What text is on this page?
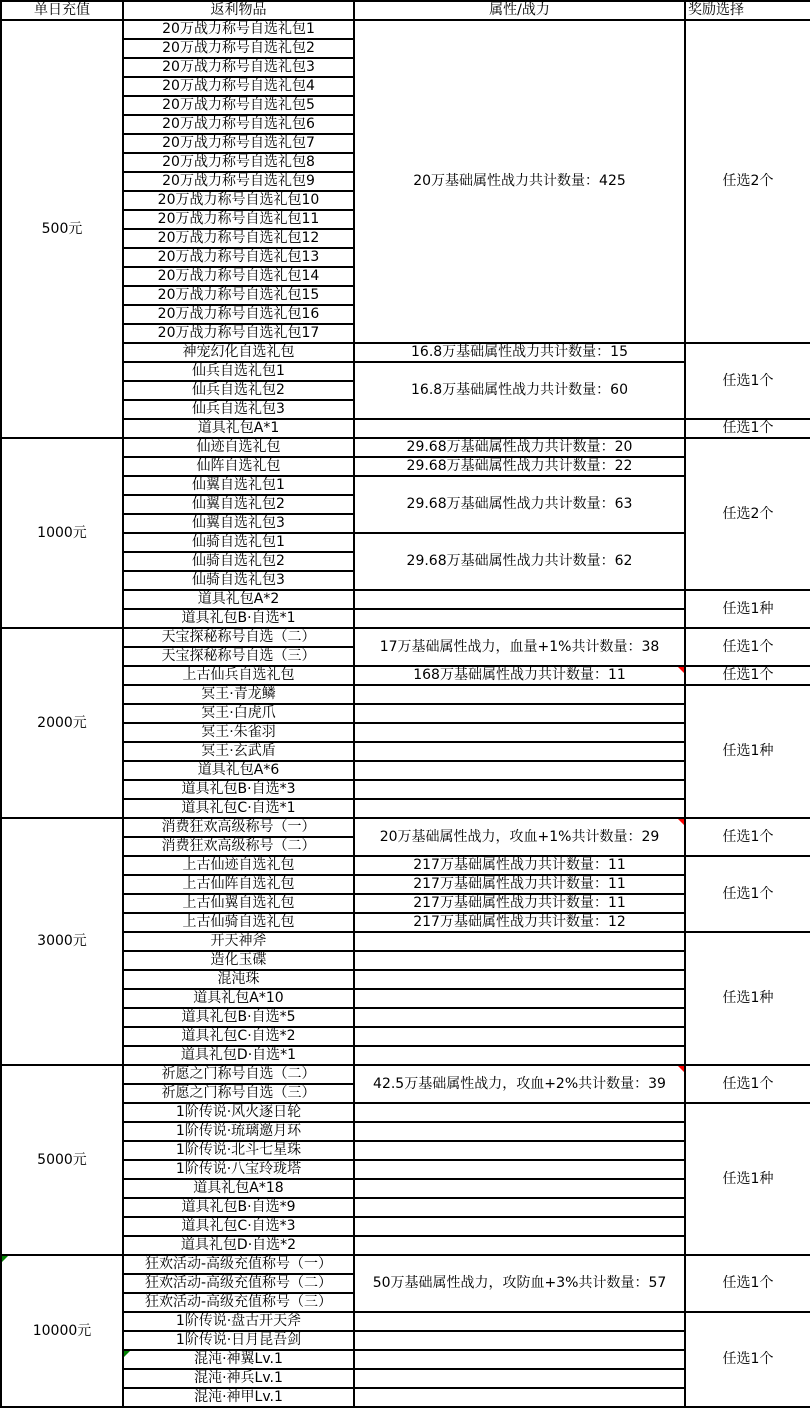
单日充值	返利物品	属性/战力	奖励选择
500元	20万战力称号自选礼包1	20万基础属性战力共计数量：425	任选2个
	20万战力称号自选礼包2		
	20万战力称号自选礼包3		
	20万战力称号自选礼包4		
	20万战力称号自选礼包5		
	20万战力称号自选礼包6		
	20万战力称号自选礼包7		
	20万战力称号自选礼包8		
	20万战力称号自选礼包9		
	20万战力称号自选礼包10		
	20万战力称号自选礼包11		
	20万战力称号自选礼包12		
	20万战力称号自选礼包13		
	20万战力称号自选礼包14		
	20万战力称号自选礼包15		
	20万战力称号自选礼包16		
	20万战力称号自选礼包17		
	神宠幻化自选礼包	16.8万基础属性战力共计数量：15	任选1个
	仙兵自选礼包1	16.8万基础属性战力共计数量：60	
	仙兵自选礼包2		
	仙兵自选礼包3		
	道具礼包A*1		任选1个
1000元	仙迹自选礼包	29.68万基础属性战力共计数量：20	任选2个
	仙阵自选礼包	29.68万基础属性战力共计数量：22	
	仙翼自选礼包1	29.68万基础属性战力共计数量：63	
	仙翼自选礼包2		
	仙翼自选礼包3		
	仙骑自选礼包1	29.68万基础属性战力共计数量：62	
	仙骑自选礼包2		
	仙骑自选礼包3		
	道具礼包A*2		任选1种
	道具礼包B·自选*1		
2000元	天宝探秘称号自选（二）	17万基础属性战力，血量+1%共计数量：38	任选1个
	天宝探秘称号自选（三）		
	上古仙兵自选礼包	168万基础属性战力共计数量：11	任选1个
	冥王·青龙鳞		任选1种
	冥王·白虎爪		
	冥王·朱雀羽		
	冥王·玄武盾		
	道具礼包A*6		
	道具礼包B·自选*3		
	道具礼包C·自选*1		
3000元	消费狂欢高级称号（一）	20万基础属性战力，攻血+1%共计数量：29	任选1个
	消费狂欢高级称号（二）		
	上古仙迹自选礼包	217万基础属性战力共计数量：11	任选1个
	上古仙阵自选礼包	217万基础属性战力共计数量：11	
	上古仙翼自选礼包	217万基础属性战力共计数量：11	
	上古仙骑自选礼包	217万基础属性战力共计数量：12	
	开天神斧		任选1种
	造化玉碟		
	混沌珠		
	道具礼包A*10		
	道具礼包B·自选*5		
	道具礼包C·自选*2		
	道具礼包D·自选*1		
5000元	祈愿之门称号自选（二）	42.5万基础属性战力，攻血+2%共计数量：39	任选1个
	祈愿之门称号自选（三）		
	1阶传说·风火逐日轮		任选1种
	1阶传说·琉璃邀月环		
	1阶传说·北斗七星珠		
	1阶传说·八宝玲珑塔		
	道具礼包A*18		
	道具礼包B·自选*9		
	道具礼包C·自选*3		
	道具礼包D·自选*2		
10000元	狂欢活动-高级充值称号（一）	50万基础属性战力，攻防血+3%共计数量：57	任选1个
	狂欢活动-高级充值称号（二）		
	狂欢活动-高级充值称号（三）		
	1阶传说·盘古开天斧		任选1个
	1阶传说·日月昆吾剑		
	混沌·神翼Lv.1	

	混沌·神兵Lv.1		
	混沌·神甲Lv.1		
